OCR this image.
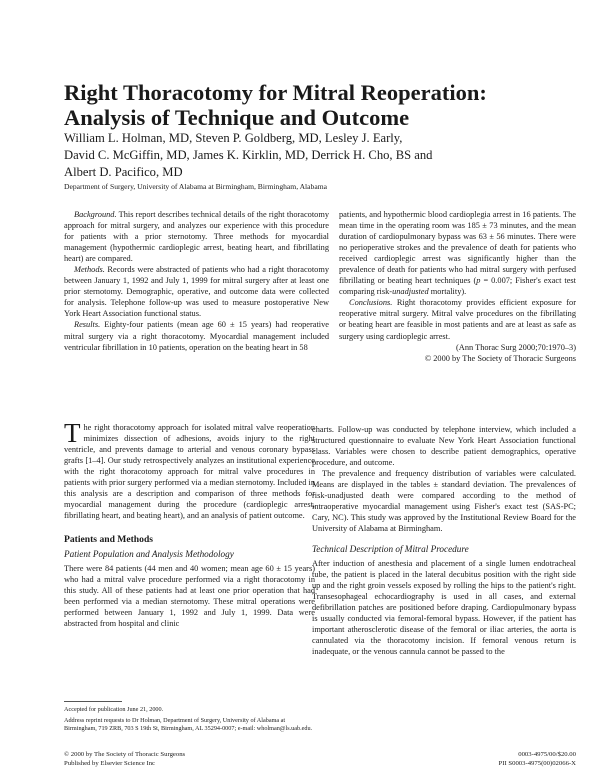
Right Thoracotomy for Mitral Reoperation:
Analysis of Technique and Outcome
William L. Holman, MD, Steven P. Goldberg, MD, Lesley J. Early,
David C. McGiffin, MD, James K. Kirklin, MD, Derrick H. Cho, BS and
Albert D. Pacifico, MD
Department of Surgery, University of Alabama at Birmingham, Birmingham, Alabama

Background. This report describes technical details of the right thoracotomy approach for mitral surgery, and analyzes our experience with this procedure for patients with a prior sternotomy. Three methods for myocardial management (hypothermic cardioplegic arrest, beating heart, and fibrillating heart) are compared.

Methods. Records were abstracted of patients who had a right thoracotomy between January 1, 1992 and July 1, 1999 for mitral surgery after at least one prior sternotomy. Demographic, operative, and outcome data were collected for analysis. Telephone follow-up was used to measure postoperative New York Heart Association functional status.

Results. Eighty-four patients (mean age 60 ± 15 years) had reoperative mitral surgery via a right thoracotomy. Myocardial management included ventricular fibrillation in 10 patients, operation on the beating heart in 58

patients, and hypothermic blood cardioplegia arrest in 16 patients. The mean time in the operating room was 185 ± 73 minutes, and the mean duration of cardiopulmonary bypass was 63 ± 56 minutes. There were no perioperative strokes and the prevalence of death for patients who received cardioplegic arrest was significantly higher than the prevalence of death for patients who had mitral surgery with perfused fibrillating or beating heart techniques (p = 0.007; Fisher's exact test comparing risk-unadjusted mortality).

Conclusions. Right thoracotomy provides efficient exposure for reoperative mitral surgery. Mitral valve procedures on the fibrillating or beating heart are feasible in most patients and are at least as safe as surgery using cardioplegic arrest.

(Ann Thorac Surg 2000;70:1970–3)

© 2000 by The Society of Thoracic Surgeons

The right thoracotomy approach for isolated mitral valve reoperation minimizes dissection of adhesions, avoids injury to the right ventricle, and prevents damage to arterial and venous coronary bypass grafts [1–4]. Our study retrospectively analyzes an institutional experience with the right thoracotomy approach for mitral valve procedures in patients with prior surgery performed via a median sternotomy. Included in this analysis are a description and comparison of three methods for myocardial management during the procedure (cardioplegic arrest, fibrillating heart, and beating heart), and an analysis of patient outcome.

Patients and Methods

Patient Population and Analysis Methodology

There were 84 patients (44 men and 40 women; mean age 60 ± 15 years) who had a mitral valve procedure performed via a right thoracotomy in this study. All of these patients had at least one prior operation that had been performed via a median sternotomy. These mitral operations were performed between January 1, 1992 and July 1, 1999. Data were abstracted from hospital and clinic

charts. Follow-up was conducted by telephone interview, which included a structured questionnaire to evaluate New York Heart Association functional class. Variables were chosen to describe patient demographics, operative procedure, and outcome.

The prevalence and frequency distribution of variables were calculated. Means are displayed in the tables ± standard deviation. The prevalences of risk-unadjusted death were compared according to the method of intraoperative myocardial management using Fisher's exact test (SAS-PC; Cary, NC). This study was approved by the Institutional Review Board for the University of Alabama at Birmingham.

Technical Description of Mitral Procedure

After induction of anesthesia and placement of a single lumen endotracheal tube, the patient is placed in the lateral decubitus position with the right side up and the right groin vessels exposed by rolling the hips to the patient's right. Transesophageal echocardiography is used in all cases, and external defibrillation patches are positioned before draping. Cardiopulmonary bypass is usually conducted via femoral-femoral bypass. However, if the patient has important atherosclerotic disease of the femoral or iliac arteries, the aorta is cannulated via the thoracotomy incision. If femoral venous return is inadequate, or the venous cannula cannot be passed to the

Accepted for publication June 21, 2000.

Address reprint requests to Dr Holman, Department of Surgery, University of Alabama at Birmingham, 719 ZRB, 703 S 19th St, Birmingham, AL 35294-0007; e-mail: wholman@ls.uab.edu.

© 2000 by The Society of Thoracic Surgeons
Published by Elsevier Science Inc
0003-4975/00/$20.00
PII S0003-4975(00)02066-X
